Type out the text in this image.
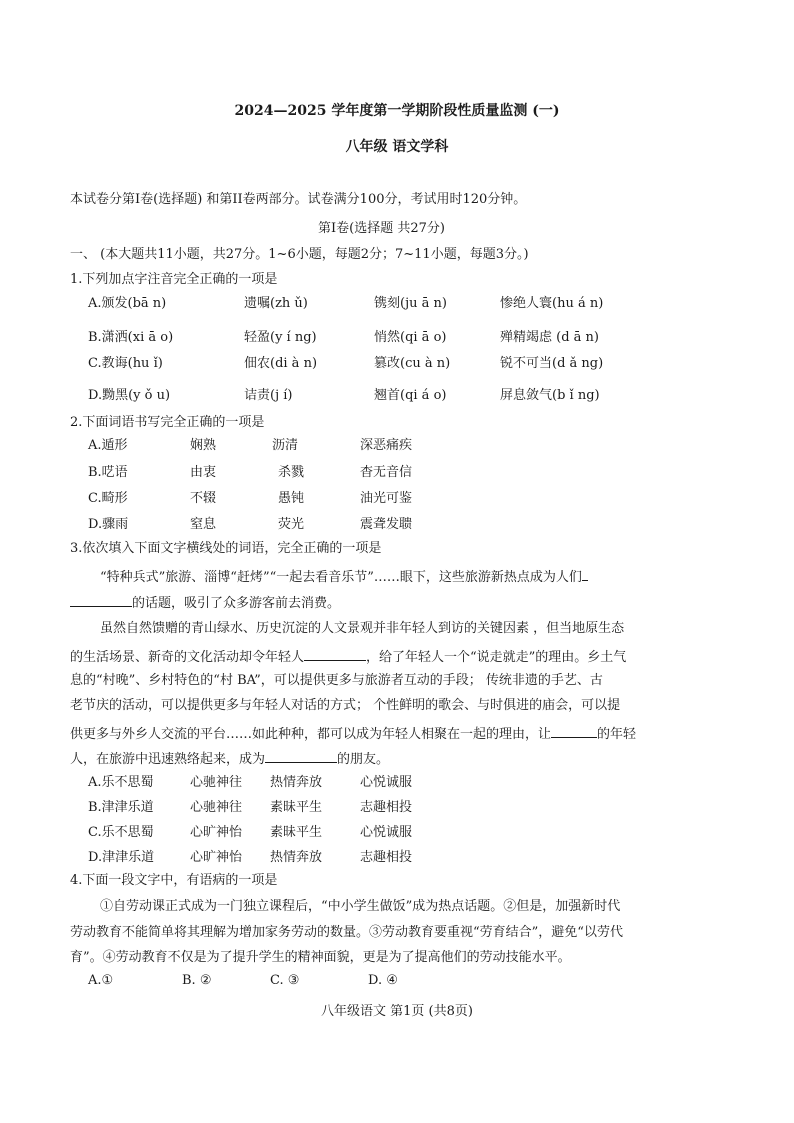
2024—2025 学年度第一学期阶段性质量监测 (一)
八年级 语文学科
本试卷分第Ⅰ卷(选择题) 和第II卷两部分。试卷满分100分，考试用时120分钟。
第Ⅰ卷(选择题 共27分)
一、 (本大题共11小题，共27分。1~6小题，每题2分；7~11小题，每题3分。)
1.下列加点字注音完全正确的一项是
A.颁发(bā n)	遗嘱(zh ǔ)	镌刻(ju ā n)	惨绝人寰(hu á n)
B.潇洒(xi ā o)	轻盈(y í ng)	悄然(qi ā o)	殚精竭虑 (d ā n)
C.教诲(hu ǐ)	佃农(di à n)	篡改(cu à n)	锐不可当(d ǎ ng)
D.黝黑(y ǒ u)	诘责(j í)	翘首(qi á o)	屏息敛气(b ǐ ng)
2.下面词语书写完全正确的一项是
A.遁形	娴熟	沥清	深恶痛疾
B.呓语	由衷	杀戮	杳无音信
C.畸形	不辍	愚钝	油光可鉴
D.骤雨	窒息	荧光	震聋发聩
3.依次填入下面文字横线处的词语，完全正确的一项是
“特种兵式”旅游、淄博“赶烤”“一起去看音乐节”……眼下，这些旅游新热点成为人们
的话题，吸引了众多游客前去消费。
虽然自然馈赠的青山绿水、历史沉淀的人文景观并非年轻人到访的关键因素 ，但当地原生态
的生活场景、新奇的文化活动却令年轻人	，给了年轻人一个“说走就走”的理由。乡土气
息的“村晚”、乡村特色的“村 BA”，可以提供更多与旅游者互动的手段； 传统非遗的手艺、古
老节庆的活动，可以提供更多与年轻人对话的方式； 个性鲜明的歌会、与时俱进的庙会，可以提
供更多与外乡人交流的平台……如此种种，都可以成为年轻人相聚在一起的理由，让	的年轻
人，在旅游中迅速熟络起来，成为	的朋友。
A.乐不思蜀	心驰神往 热情奔放	心悦诚服
B.津津乐道	心驰神往 素昧平生	志趣相投
C.乐不思蜀	心旷神怡 素昧平生	心悦诚服
D.津津乐道	心旷神怡 热情奔放	志趣相投
4.下面一段文字中，有语病的一项是
①自劳动课正式成为一门独立课程后，“中小学生做饭”成为热点话题。②但是，加强新时代
劳动教育不能简单将其理解为增加家务劳动的数量。③劳动教育要重视“劳育结合”，避免“以劳代
育”。④劳动教育不仅是为了提升学生的精神面貌，更是为了提高他们的劳动技能水平。
A.①	B. ②	C. ③	D. ④
八年级语文 第1页 (共8页)
